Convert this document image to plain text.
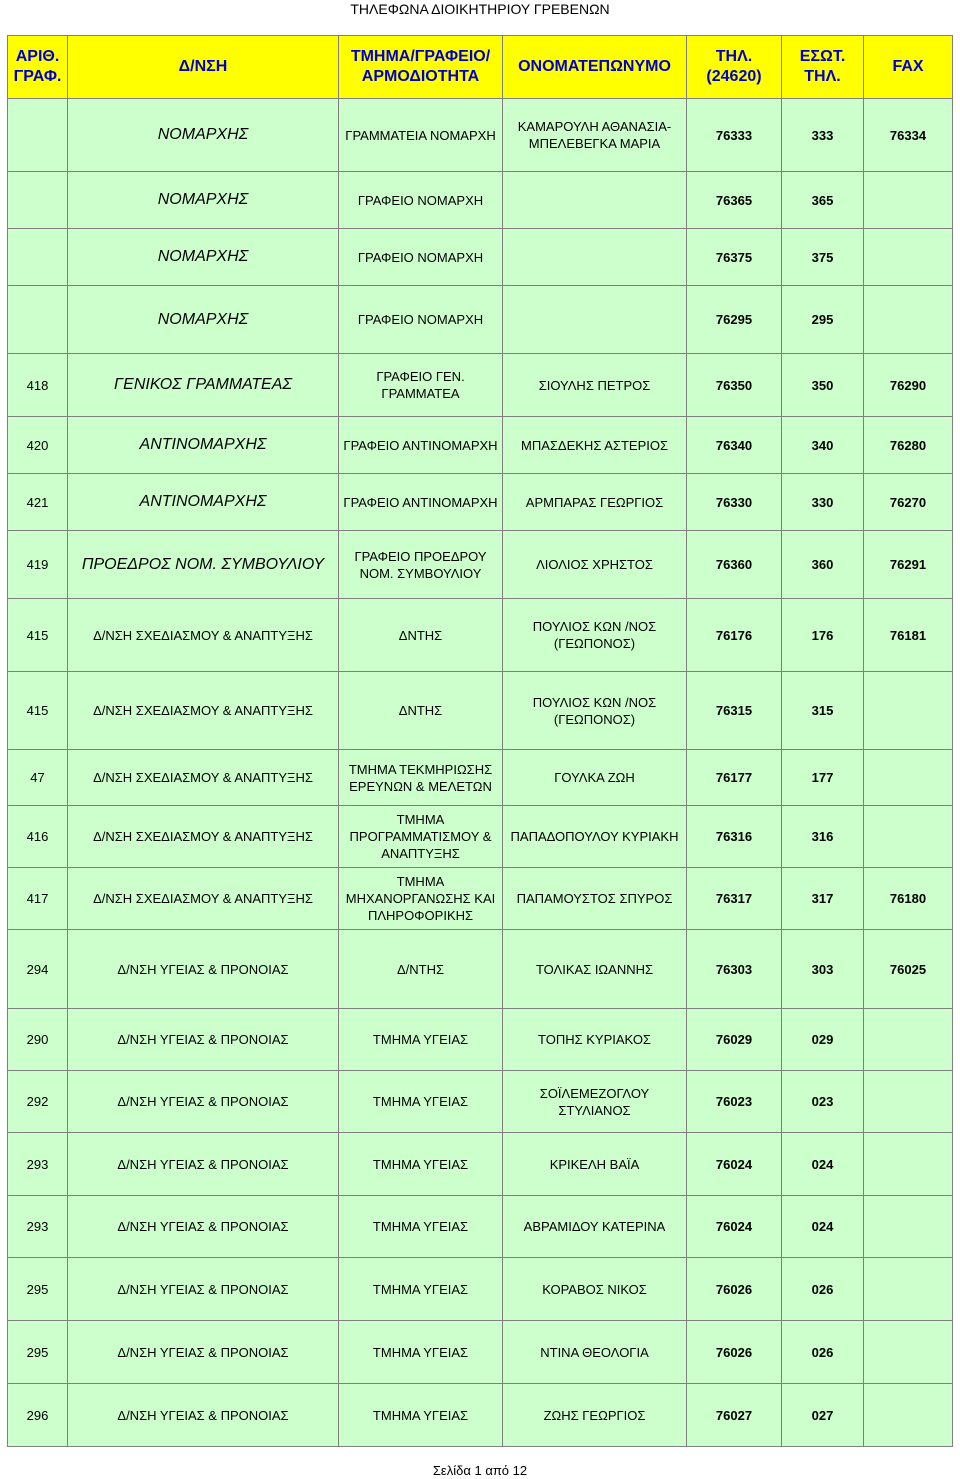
ΤΗΛΕΦΩΝΑ ΔΙΟΙΚΗΤΗΡΙΟΥ ΓΡΕΒΕΝΩΝ
ΑΡΙΘ. ΓΡΑΦ.	Δ/ΝΣΗ	ΤΜΗΜΑ/ΓΡΑΦΕΙΟ/ ΑΡΜΟΔΙΟΤΗΤΑ	ΟΝΟΜΑΤΕΠΩΝΥΜΟ	ΤΗΛ. (24620)	ΕΣΩΤ. ΤΗΛ.	FAX
	ΝΟΜΑΡΧΗΣ	ΓΡΑΜΜΑΤΕΙΑ ΝΟΜΑΡΧΗ	ΚΑΜΑΡΟΥΛΗ ΑΘΑΝΑΣΙΑ- ΜΠΕΛΕΒΕΓΚΑ ΜΑΡΙΑ	76333	333	76334
	ΝΟΜΑΡΧΗΣ	ΓΡΑΦΕΙΟ ΝΟΜΑΡΧΗ		76365	365	
	ΝΟΜΑΡΧΗΣ	ΓΡΑΦΕΙΟ ΝΟΜΑΡΧΗ		76375	375	
	ΝΟΜΑΡΧΗΣ	ΓΡΑΦΕΙΟ ΝΟΜΑΡΧΗ		76295	295	
418	ΓΕΝΙΚΟΣ ΓΡΑΜΜΑΤΕΑΣ	ΓΡΑΦΕΙΟ ΓΕΝ. ΓΡΑΜΜΑΤΕΑ	ΣΙΟΥΛΗΣ ΠΕΤΡΟΣ	76350	350	76290
420	ΑΝΤΙΝΟΜΑΡΧΗΣ	ΓΡΑΦΕΙΟ ΑΝΤΙΝΟΜΑΡΧΗ	ΜΠΑΣΔΕΚΗΣ ΑΣΤΕΡΙΟΣ	76340	340	76280
421	ΑΝΤΙΝΟΜΑΡΧΗΣ	ΓΡΑΦΕΙΟ ΑΝΤΙΝΟΜΑΡΧΗ	ΑΡΜΠΑΡΑΣ ΓΕΩΡΓΙΟΣ	76330	330	76270
419	ΠΡΟΕΔΡΟΣ ΝΟΜ. ΣΥΜΒΟΥΛΙΟΥ	ΓΡΑΦΕΙΟ ΠΡΟΕΔΡΟΥ ΝΟΜ. ΣΥΜΒΟΥΛΙΟΥ	ΛΙΟΛΙΟΣ ΧΡΗΣΤΟΣ	76360	360	76291
415	Δ/ΝΣΗ ΣΧΕΔΙΑΣΜΟΥ & ΑΝΑΠΤΥΞΗΣ	ΔΝΤΗΣ	ΠΟΥΛΙΟΣ ΚΩΝ /ΝΟΣ (ΓΕΩΠΟΝΟΣ)	76176	176	76181
415	Δ/ΝΣΗ ΣΧΕΔΙΑΣΜΟΥ & ΑΝΑΠΤΥΞΗΣ	ΔΝΤΗΣ	ΠΟΥΛΙΟΣ ΚΩΝ /ΝΟΣ (ΓΕΩΠΟΝΟΣ)	76315	315	
47	Δ/ΝΣΗ ΣΧΕΔΙΑΣΜΟΥ & ΑΝΑΠΤΥΞΗΣ	ΤΜΗΜΑ ΤΕΚΜΗΡΙΩΣΗΣ ΕΡΕΥΝΩΝ & ΜΕΛΕΤΩΝ	ΓΟΥΛΚΑ ΖΩΗ	76177	177	
416	Δ/ΝΣΗ ΣΧΕΔΙΑΣΜΟΥ & ΑΝΑΠΤΥΞΗΣ	ΤΜΗΜΑ ΠΡΟΓΡΑΜΜΑΤΙΣΜΟΥ & ΑΝΑΠΤΥΞΗΣ	ΠΑΠΑΔΟΠΟΥΛΟΥ ΚΥΡΙΑΚΗ	76316	316	
417	Δ/ΝΣΗ ΣΧΕΔΙΑΣΜΟΥ & ΑΝΑΠΤΥΞΗΣ	ΤΜΗΜΑ ΜΗΧΑΝΟΡΓΑΝΩΣΗΣ ΚΑΙ ΠΛΗΡΟΦΟΡΙΚΗΣ	ΠΑΠΑΜΟΥΣΤΟΣ ΣΠΥΡΟΣ	76317	317	76180
294	Δ/ΝΣΗ ΥΓΕΙΑΣ & ΠΡΟΝΟΙΑΣ	Δ/ΝΤΗΣ	ΤΟΛΙΚΑΣ ΙΩΑΝΝΗΣ	76303	303	76025
290	Δ/ΝΣΗ ΥΓΕΙΑΣ & ΠΡΟΝΟΙΑΣ	ΤΜΗΜΑ ΥΓΕΙΑΣ	ΤΟΠΗΣ ΚΥΡΙΑΚΟΣ	76029	029	
292	Δ/ΝΣΗ ΥΓΕΙΑΣ & ΠΡΟΝΟΙΑΣ	ΤΜΗΜΑ ΥΓΕΙΑΣ	ΣΟΪΛΕΜΕΖΟΓΛΟΥ ΣΤΥΛΙΑΝΟΣ	76023	023	
293	Δ/ΝΣΗ ΥΓΕΙΑΣ & ΠΡΟΝΟΙΑΣ	ΤΜΗΜΑ ΥΓΕΙΑΣ	ΚΡΙΚΕΛΗ ΒΑΪΑ	76024	024	
293	Δ/ΝΣΗ ΥΓΕΙΑΣ & ΠΡΟΝΟΙΑΣ	ΤΜΗΜΑ ΥΓΕΙΑΣ	ΑΒΡΑΜΙΔΟΥ ΚΑΤΕΡΙΝΑ	76024	024	
295	Δ/ΝΣΗ ΥΓΕΙΑΣ & ΠΡΟΝΟΙΑΣ	ΤΜΗΜΑ ΥΓΕΙΑΣ	ΚΟΡΑΒΟΣ ΝΙΚΟΣ	76026	026	
295	Δ/ΝΣΗ ΥΓΕΙΑΣ & ΠΡΟΝΟΙΑΣ	ΤΜΗΜΑ ΥΓΕΙΑΣ	ΝΤΙΝΑ ΘΕΟΛΟΓΙΑ	76026	026	
296	Δ/ΝΣΗ ΥΓΕΙΑΣ & ΠΡΟΝΟΙΑΣ	ΤΜΗΜΑ ΥΓΕΙΑΣ	ΖΩΗΣ ΓΕΩΡΓΙΟΣ	76027	027	
Σελίδα 1 από 12
